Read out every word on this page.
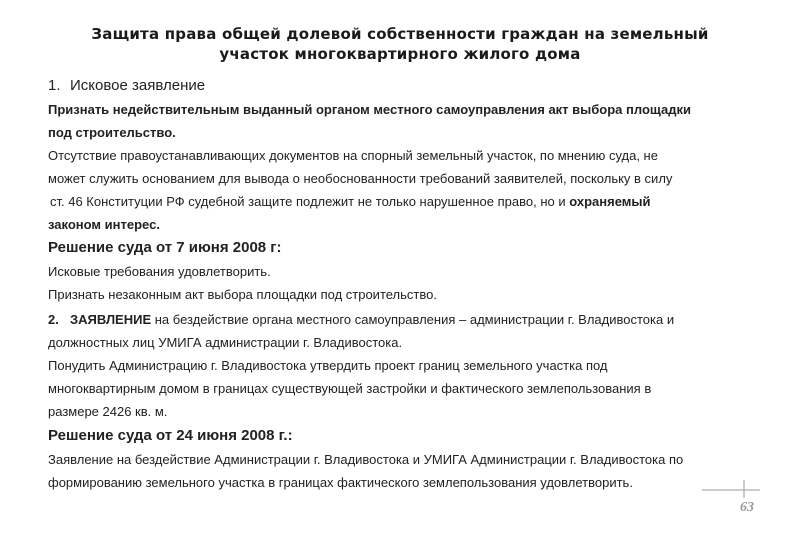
Защита права общей долевой собственности граждан на земельный
участок многоквартирного жилого дома
1. Исковое заявление
Признать недействительным выданный органом местного самоуправления акт выбора площадки
под строительство.
Отсутствие правоустанавливающих документов на спорный земельный участок, по мнению суда, не
может служить основанием для вывода о необоснованности требований заявителей, поскольку в силу
ст. 46 Конституции РФ судебной защите подлежит не только нарушенное право, но и охраняемый
законом интерес.
Решение суда от 7 июня 2008 г:
Исковые требования удовлетворить.
Признать незаконным акт выбора площадки под строительство.
2. ЗАЯВЛЕНИЕ на бездействие органа местного самоуправления – администрации г. Владивостока и
должностных лиц УМИГА администрации г. Владивостока.
Понудить Администрацию г. Владивостока утвердить проект границ земельного участка под
многоквартирным домом в границах существующей застройки и фактического землепользования в
размере 2426 кв. м.
Решение суда от 24 июня 2008 г.:
Заявление на бездействие Администрации г. Владивостока и УМИГА Администрации г. Владивостока по
формированию земельного участка в границах фактического землепользования удовлетворить.
63
